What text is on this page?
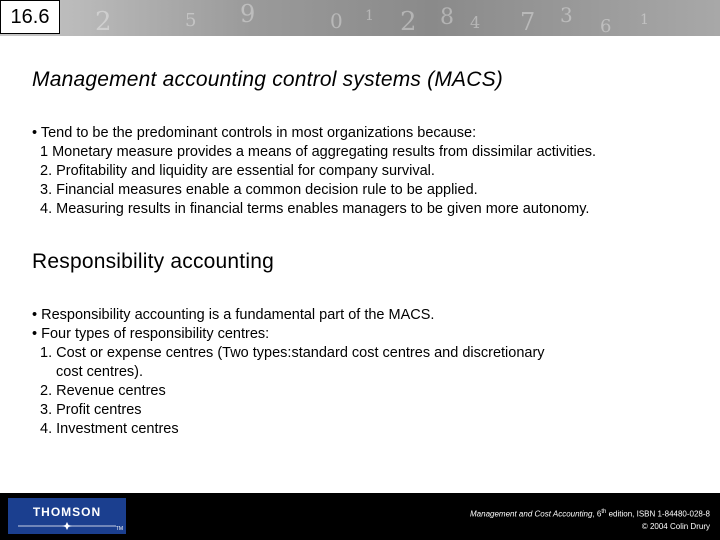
2	5 9	0 1 2 8 4 7 3 6 1
16.6
Management accounting control systems (MACS)
• Tend to be the predominant controls in most organizations because:
1 Monetary measure provides a means of aggregating results from dissimilar activities.
2. Profitability and liquidity are essential for company survival.
3. Financial measures enable a common decision rule to be applied.
4. Measuring results in financial terms enables managers to be given more autonomy.
Responsibility accounting
• Responsibility accounting is a fundamental part of the MACS.
• Four types of responsibility centres:
1. Cost or expense centres (Two types:standard cost centres and discretionary
cost centres).
2. Revenue centres
3. Profit centres
4. Investment centres
THOMSON
TM
Management and Cost Accounting, 6th edition, ISBN 1-84480-028-8
© 2004 Colin Drury
